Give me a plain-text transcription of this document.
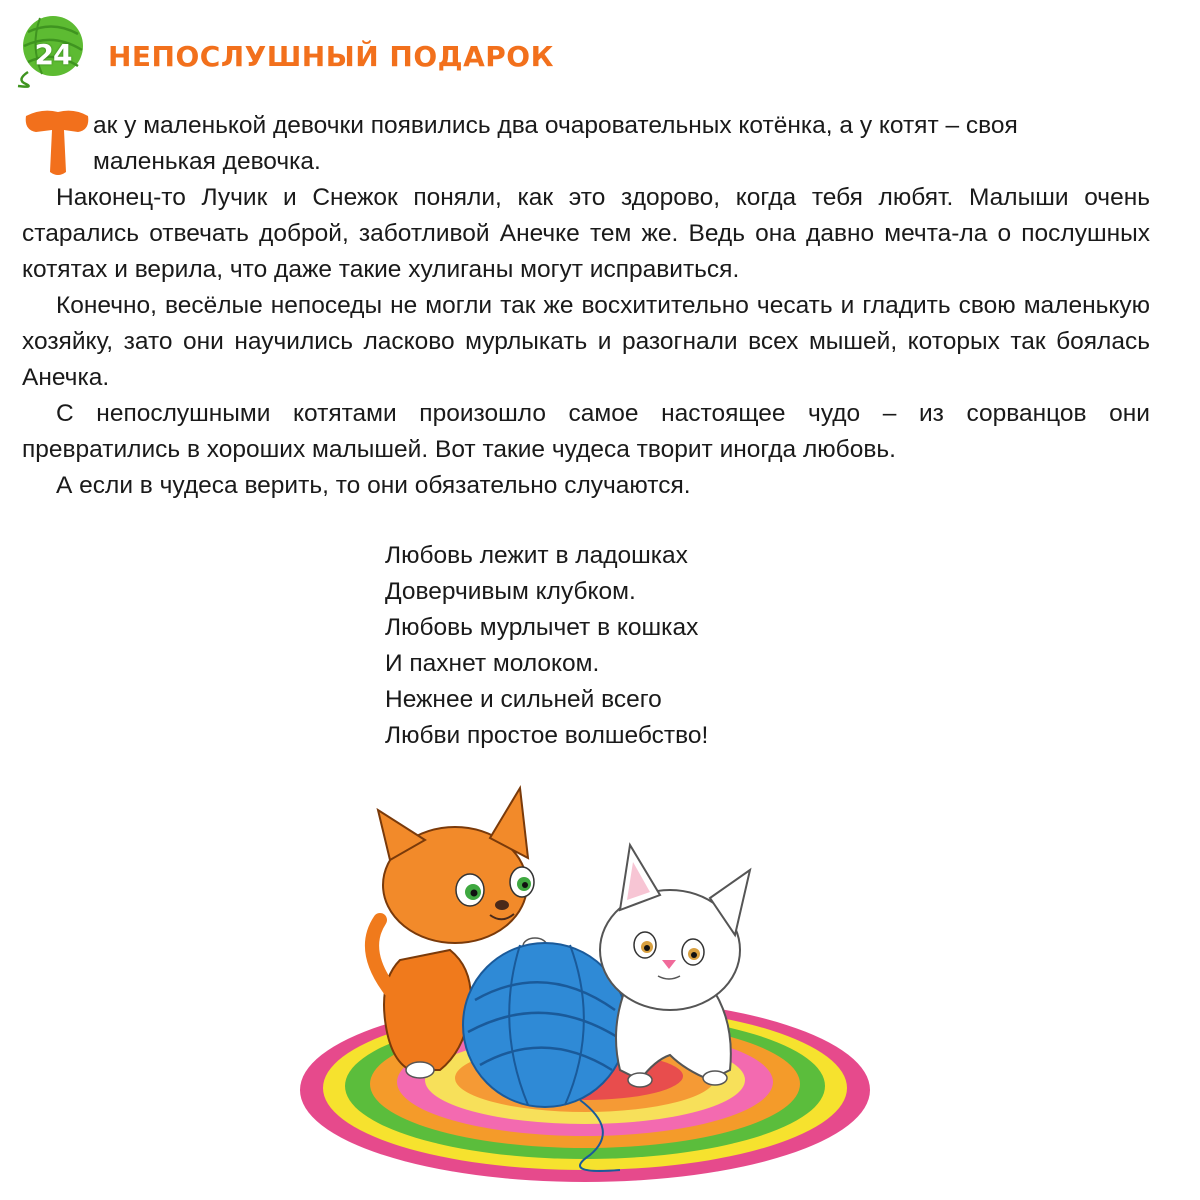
24 НЕПОСЛУШНЫЙ ПОДАРОК

ак у маленькой девочки появились два очаровательных котёнка, а у котят – своя

маленькая девочка.

Наконец-то Лучик и Снежок поняли, как это здорово, когда тебя любят. Малыши очень старались отвечать доброй, заботливой Анечке тем же. Ведь она давно мечта-ла о послушных котятах и верила, что даже такие хулиганы могут исправиться.

Конечно, весёлые непоседы не могли так же восхитительно чесать и гладить свою маленькую хозяйку, зато они научились ласково мурлыкать и разогнали всех мышей, которых так боялась Анечка.

С непослушными котятами произошло самое настоящее чудо – из сорванцов они превратились в хороших малышей. Вот такие чудеса творит иногда любовь.

А если в чудеса верить, то они обязательно случаются.

Любовь лежит в ладошках
Доверчивым клубком.
Любовь мурлычет в кошках
И пахнет молоком.
Нежнее и сильней всего
Любви простое волшебство!
